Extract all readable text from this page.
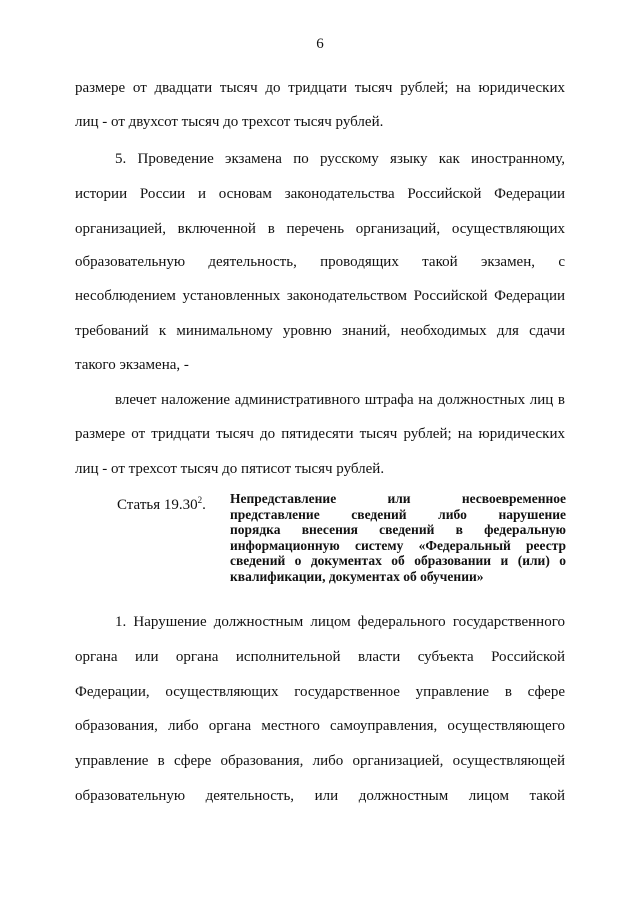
6
размере от двадцати тысяч до тридцати тысяч рублей; на юридических
лиц - от двухсот тысяч до трехсот тысяч рублей.
5. Проведение экзамена по русскому языку как иностранному,
истории России и основам законодательства Российской Федерации
организацией, включенной в перечень организаций, осуществляющих
образовательную деятельность, проводящих такой экзамен, с
несоблюдением установленных законодательством Российской Федерации
требований к минимальному уровню знаний, необходимых для сдачи
такого экзамена, -
влечет наложение административного штрафа на должностных лиц в
размере от тридцати тысяч до пятидесяти тысяч рублей; на юридических
лиц - от трехсот тысяч до пятисот тысяч рублей.
1. Нарушение должностным лицом федерального государственного
органа или органа исполнительной власти субъекта Российской
Федерации, осуществляющих государственное управление в сфере
образования, либо органа местного самоуправления, осуществляющего
управление в сфере образования, либо организацией, осуществляющей
образовательную деятельность, или должностным лицом такой
Статья 19.30$^2$. Непредставление или несвоевременное
представление сведений либо нарушение
порядка внесения сведений в федеральную
информационную систему «Федеральный реестр
сведений о документах об образовании и (или) о
квалификации, документах об обучении»
